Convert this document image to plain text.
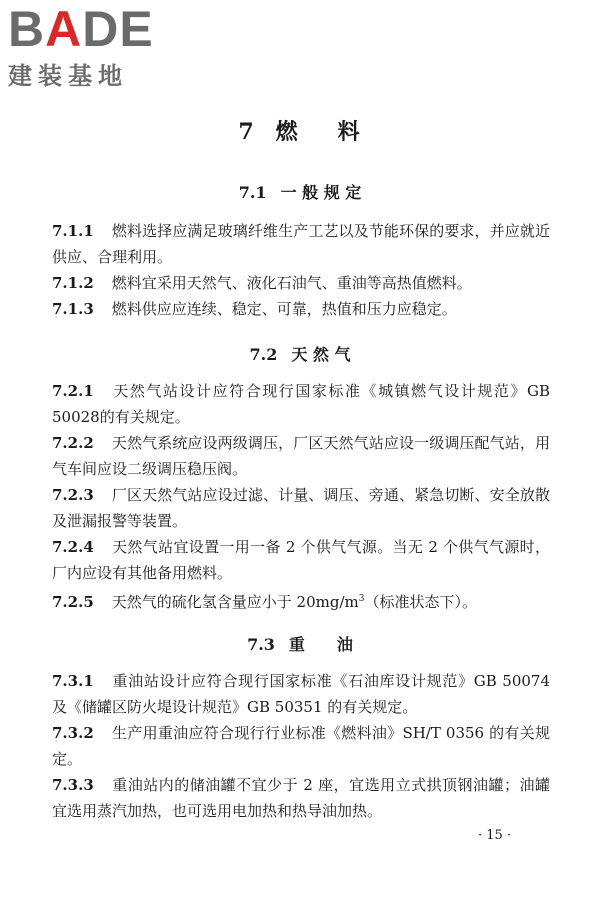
B A DE
建装基地
7 燃 料
7.1 一 般 规 定
7.1.1 燃料选择应满足玻璃纤维生产工艺以及节能环保的要求，并应就近供应、合理利用。
7.1.2 燃料宜采用天然气、液化石油气、重油等高热值燃料。
7.1.3 燃料供应应连续、稳定、可靠，热值和压力应稳定。
7.2 天 然 气
7.2.1 天然气站设计应符合现行国家标准《城镇燃气设计规范》GB 50028的有关规定。
7.2.2 天然气系统应设两级调压，厂区天然气站应设一级调压配气站，用气车间应设二级调压稳压阀。
7.2.3 厂区天然气站应设过滤、计量、调压、旁通、紧急切断、安全放散及泄漏报警等装置。
7.2.4 天然气站宜设置一用一备 2 个供气气源。当无 2 个供气气源时，厂内应设有其他备用燃料。
7.2.5 天然气的硫化氢含量应小于 $20mg/m^3$（标准状态下）。
7.3 重　　油
7.3.1 重油站设计应符合现行国家标准《石油库设计规范》GB 50074 及《储罐区防火堤设计规范》GB 50351 的有关规定。
7.3.2 生产用重油应符合现行行业标准《燃料油》SH/T 0356 的有关规定。
7.3.3 重油站内的储油罐不宜少于 2 座，宜选用立式拱顶钢油罐；油罐宜选用蒸汽加热，也可选用电加热和热导油加热。
· 15 ·
